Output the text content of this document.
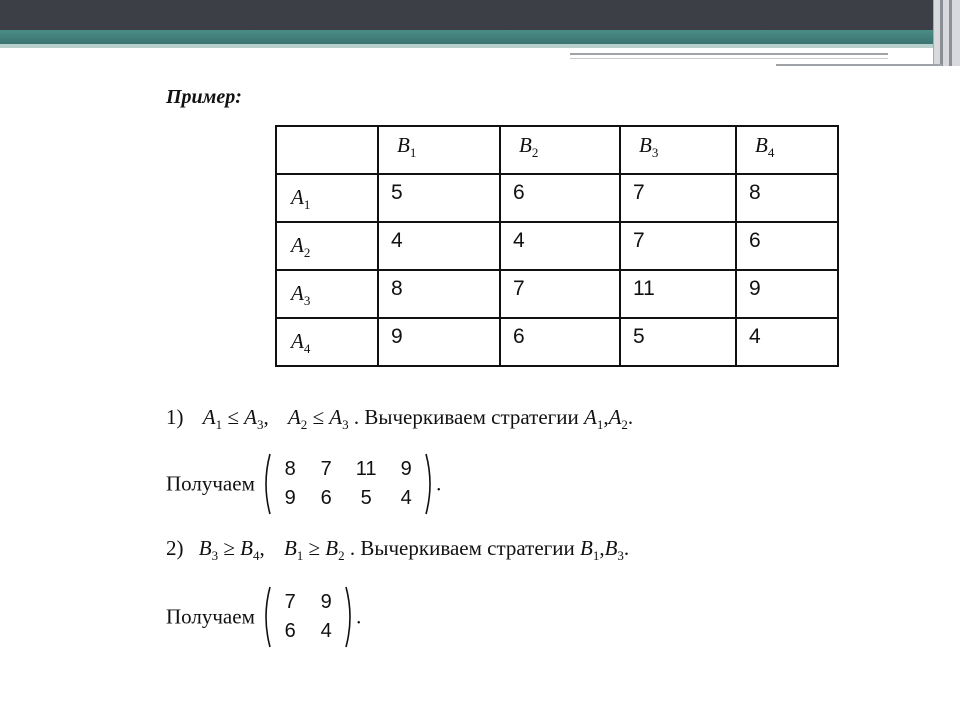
Пример:

	$B_1$	$B_2$	$B_3$	$B_4$

$A_1$	5	6	7	8

$A_2$	4	4	7	6

$A_3$	8	7	11	9

$A_4$	9	6	5	4
1) $A_1 \le A_3$, $A_2 \le A_3$ . Вычеркиваем стратегии $A_1,A_2$.
Получаем
8	7	11	9
9	6	5	4
.
2) $B_3 \ge B_4$, $B_1 \ge B_2$ . Вычеркиваем стратегии $B_1,B_3$.
Получаем
7	9
6	4
.
